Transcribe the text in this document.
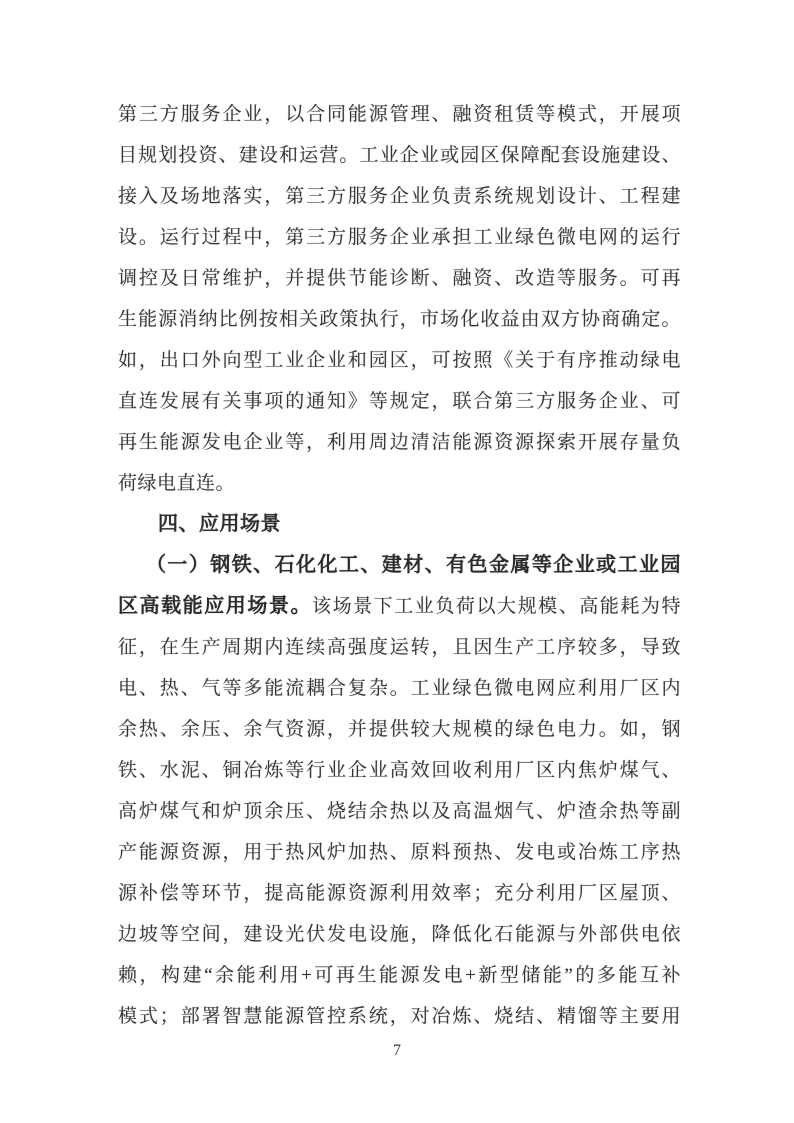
第三方服务企业，以合同能源管理、融资租赁等模式，开展项
目规划投资、建设和运营。工业企业或园区保障配套设施建设、
接入及场地落实，第三方服务企业负责系统规划设计、工程建
设。运行过程中，第三方服务企业承担工业绿色微电网的运行
调控及日常维护，并提供节能诊断、融资、改造等服务。可再
生能源消纳比例按相关政策执行，市场化收益由双方协商确定。
如，出口外向型工业企业和园区，可按照《关于有序推动绿电
直连发展有关事项的通知》等规定，联合第三方服务企业、可
再生能源发电企业等，利用周边清洁能源资源探索开展存量负
荷绿电直连。
四、应用场景
（一）钢铁、石化化工、建材、有色金属等企业或工业园
区高载能应用场景。该场景下工业负荷以大规模、高能耗为特
征，在生产周期内连续高强度运转，且因生产工序较多，导致
电、热、气等多能流耦合复杂。工业绿色微电网应利用厂区内
余热、余压、余气资源，并提供较大规模的绿色电力。如，钢
铁、水泥、铜冶炼等行业企业高效回收利用厂区内焦炉煤气、
高炉煤气和炉顶余压、烧结余热以及高温烟气、炉渣余热等副
产能源资源，用于热风炉加热、原料预热、发电或冶炼工序热
源补偿等环节，提高能源资源利用效率；充分利用厂区屋顶、
边坡等空间，建设光伏发电设施，降低化石能源与外部供电依
赖，构建“余能利用+可再生能源发电+新型储能”的多能互补
模式；部署智慧能源管控系统，对冶炼、烧结、精馏等主要用
7
